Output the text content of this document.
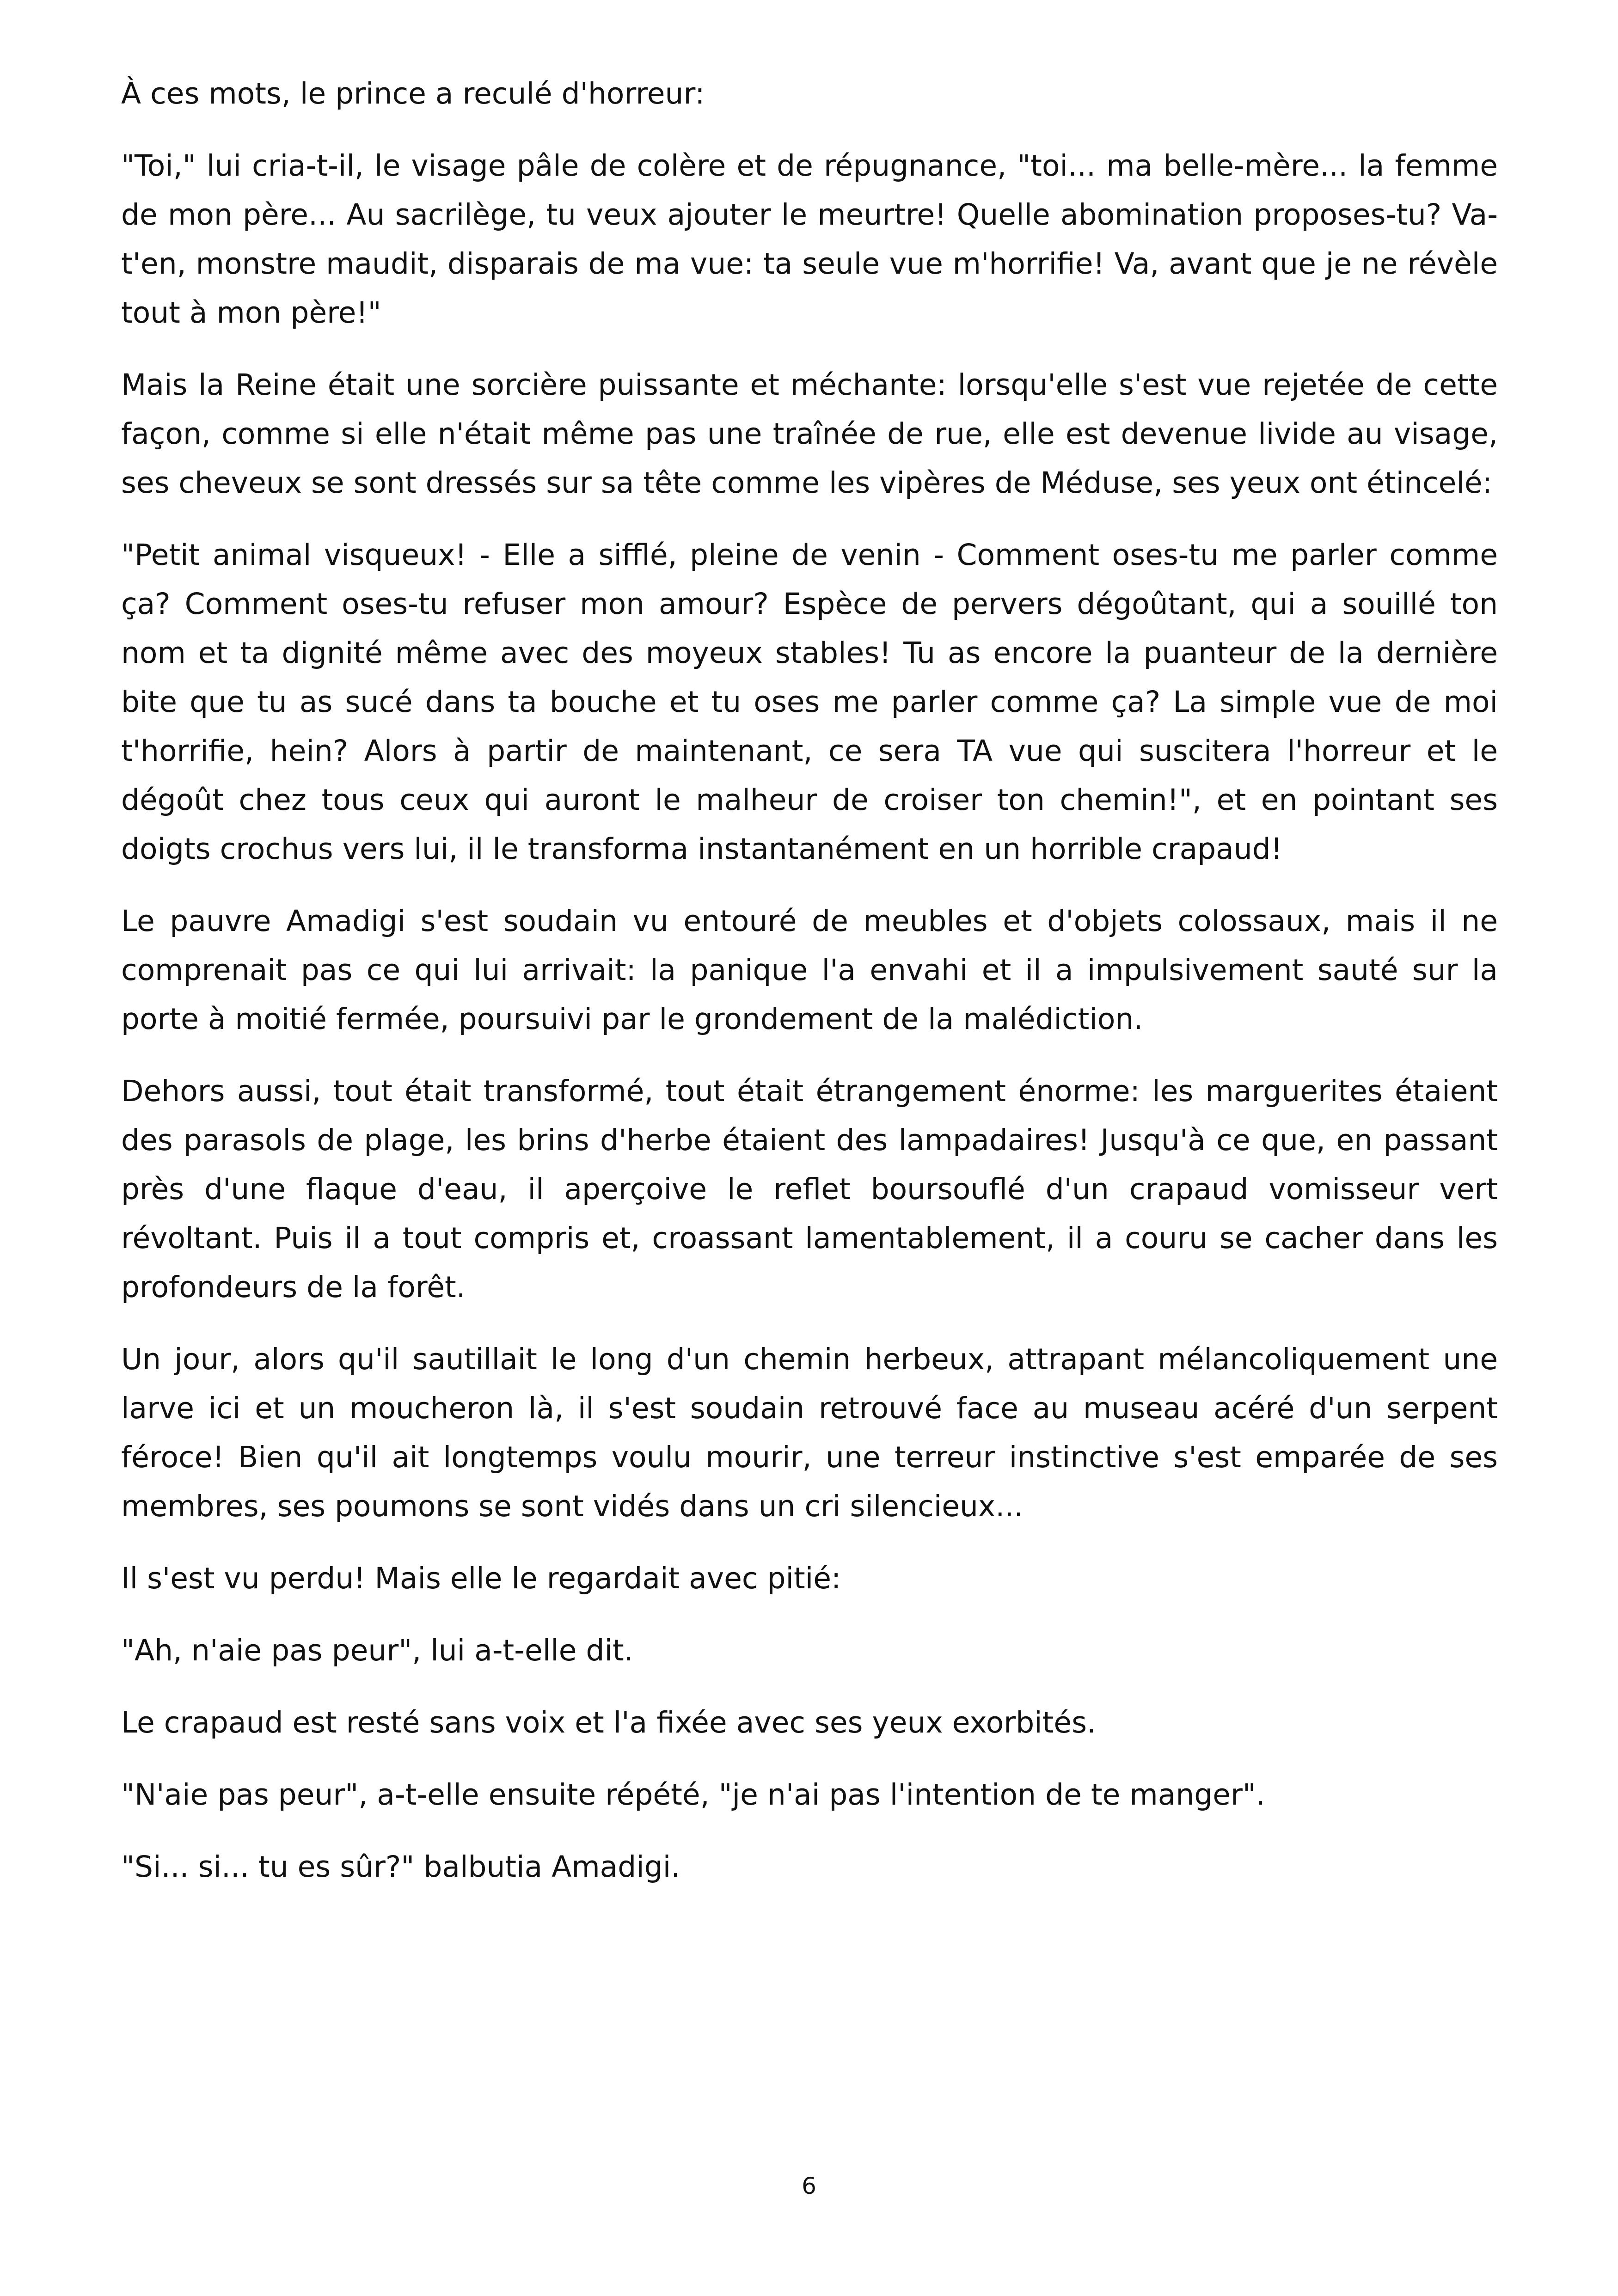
À ces mots, le prince a reculé d'horreur:

"Toi," lui cria-t-il, le visage pâle de colère et de répugnance, "toi... ma belle-mère... la femme de mon père... Au sacrilège, tu veux ajouter le meurtre! Quelle abomination proposes-tu? Va-t'en, monstre maudit, disparais de ma vue: ta seule vue m'horrifie! Va, avant que je ne révèle tout à mon père!"

Mais la Reine était une sorcière puissante et méchante: lorsqu'elle s'est vue rejetée de cette façon, comme si elle n'était même pas une traînée de rue, elle est devenue livide au visage, ses cheveux se sont dressés sur sa tête comme les vipères de Méduse, ses yeux ont étincelé:

"Petit animal visqueux! - Elle a sifflé, pleine de venin - Comment oses-tu me parler comme ça? Comment oses-tu refuser mon amour? Espèce de pervers dégoûtant, qui a souillé ton nom et ta dignité même avec des moyeux stables! Tu as encore la puanteur de la dernière bite que tu as sucé dans ta bouche et tu oses me parler comme ça? La simple vue de moi t'horrifie, hein? Alors à partir de maintenant, ce sera TA vue qui suscitera l'horreur et le dégoût chez tous ceux qui auront le malheur de croiser ton chemin!", et en pointant ses doigts crochus vers lui, il le transforma instantanément en un horrible crapaud!

Le pauvre Amadigi s'est soudain vu entouré de meubles et d'objets colossaux, mais il ne comprenait pas ce qui lui arrivait: la panique l'a envahi et il a impulsivement sauté sur la porte à moitié fermée, poursuivi par le grondement de la malédiction.

Dehors aussi, tout était transformé, tout était étrangement énorme: les marguerites étaient des parasols de plage, les brins d'herbe étaient des lampadaires! Jusqu'à ce que, en passant près d'une flaque d'eau, il aperçoive le reflet boursouflé d'un crapaud vomisseur vert révoltant. Puis il a tout compris et, croassant lamentablement, il a couru se cacher dans les profondeurs de la forêt.

Un jour, alors qu'il sautillait le long d'un chemin herbeux, attrapant mélancoliquement une larve ici et un moucheron là, il s'est soudain retrouvé face au museau acéré d'un serpent féroce! Bien qu'il ait longtemps voulu mourir, une terreur instinctive s'est emparée de ses membres, ses poumons se sont vidés dans un cri silencieux...

Il s'est vu perdu! Mais elle le regardait avec pitié:

"Ah, n'aie pas peur", lui a-t-elle dit.

Le crapaud est resté sans voix et l'a fixée avec ses yeux exorbités.

"N'aie pas peur", a-t-elle ensuite répété, "je n'ai pas l'intention de te manger".

"Si... si... tu es sûr?" balbutia Amadigi.

6
